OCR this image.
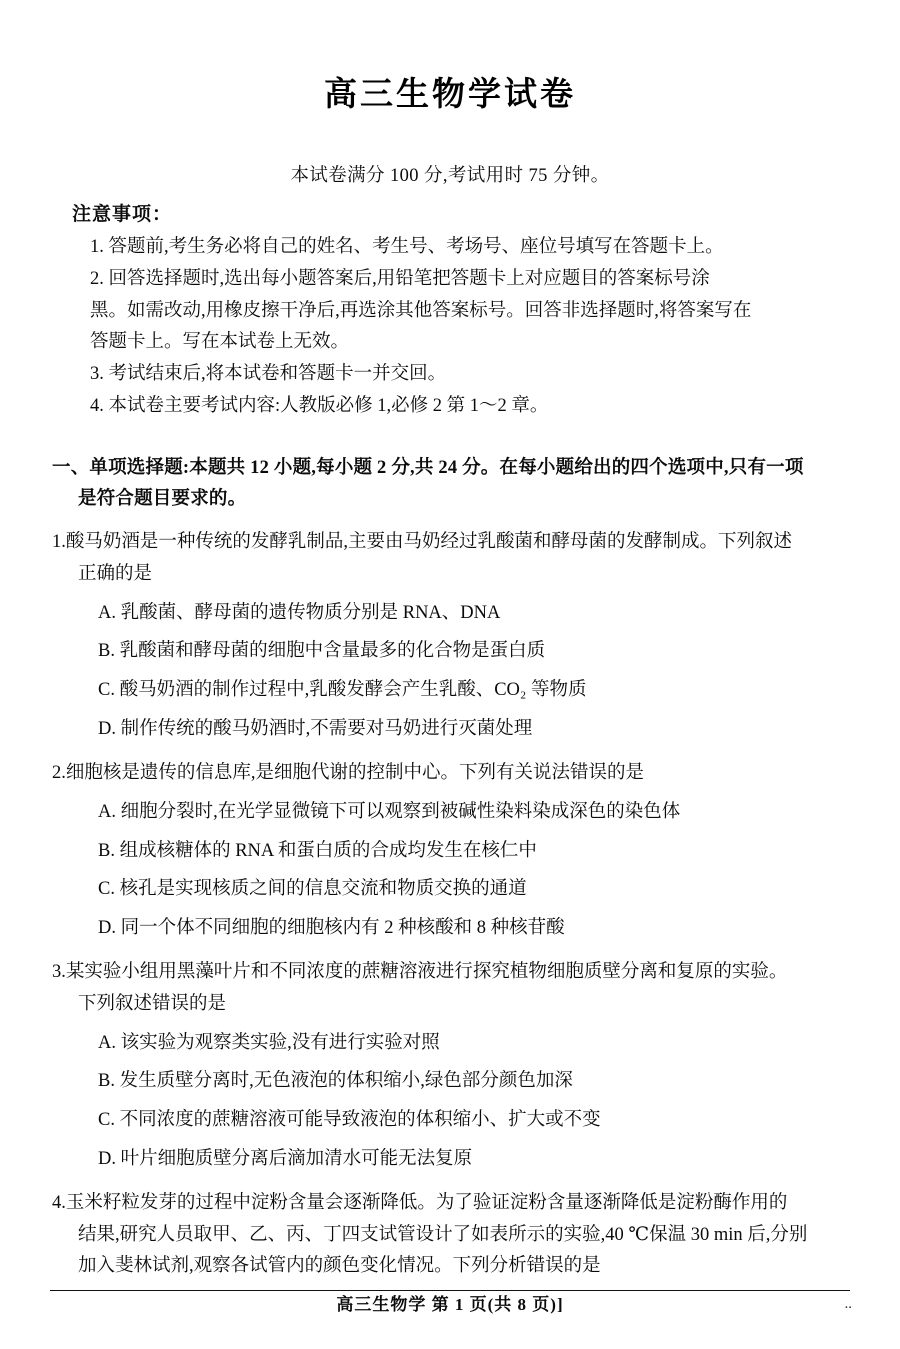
高三生物学试卷

本试卷满分 100 分,考试用时 75 分钟。

注意事项：

1. 答题前,考生务必将自己的姓名、考生号、考场号、座位号填写在答题卡上。

2. 回答选择题时,选出每小题答案后,用铅笔把答题卡上对应题目的答案标号涂

黑。如需改动,用橡皮擦干净后,再选涂其他答案标号。回答非选择题时,将答案写在

答题卡上。写在本试卷上无效。

3. 考试结束后,将本试卷和答题卡一并交回。

4. 本试卷主要考试内容:人教版必修 1,必修 2 第 1～2 章。

一、单项选择题:本题共 12 小题,每小题 2 分,共 24 分。在每小题给出的四个选项中,只有一项
是符合题目要求的。
1.酸马奶酒是一种传统的发酵乳制品,主要由马奶经过乳酸菌和酵母菌的发酵制成。下列叙述
正确的是
A. 乳酸菌、酵母菌的遗传物质分别是 RNA、DNA
B. 乳酸菌和酵母菌的细胞中含量最多的化合物是蛋白质
C. 酸马奶酒的制作过程中,乳酸发酵会产生乳酸、CO₂ 等物质
D. 制作传统的酸马奶酒时,不需要对马奶进行灭菌处理
2.细胞核是遗传的信息库,是细胞代谢的控制中心。下列有关说法错误的是
A. 细胞分裂时,在光学显微镜下可以观察到被碱性染料染成深色的染色体
B. 组成核糖体的 RNA 和蛋白质的合成均发生在核仁中
C. 核孔是实现核质之间的信息交流和物质交换的通道
D. 同一个体不同细胞的细胞核内有 2 种核酸和 8 种核苷酸
3.某实验小组用黑藻叶片和不同浓度的蔗糖溶液进行探究植物细胞质壁分离和复原的实验。
下列叙述错误的是
A. 该实验为观察类实验,没有进行实验对照
B. 发生质壁分离时,无色液泡的体积缩小,绿色部分颜色加深
C. 不同浓度的蔗糖溶液可能导致液泡的体积缩小、扩大或不变
D. 叶片细胞质壁分离后滴加清水可能无法复原
4.玉米籽粒发芽的过程中淀粉含量会逐渐降低。为了验证淀粉含量逐渐降低是淀粉酶作用的
结果,研究人员取甲、乙、丙、丁四支试管设计了如表所示的实验,40 ℃保温 30 min 后,分别
加入斐林试剂,观察各试管内的颜色变化情况。下列分析错误的是
高三生物学 第 1 页(共 8 页)]	..
